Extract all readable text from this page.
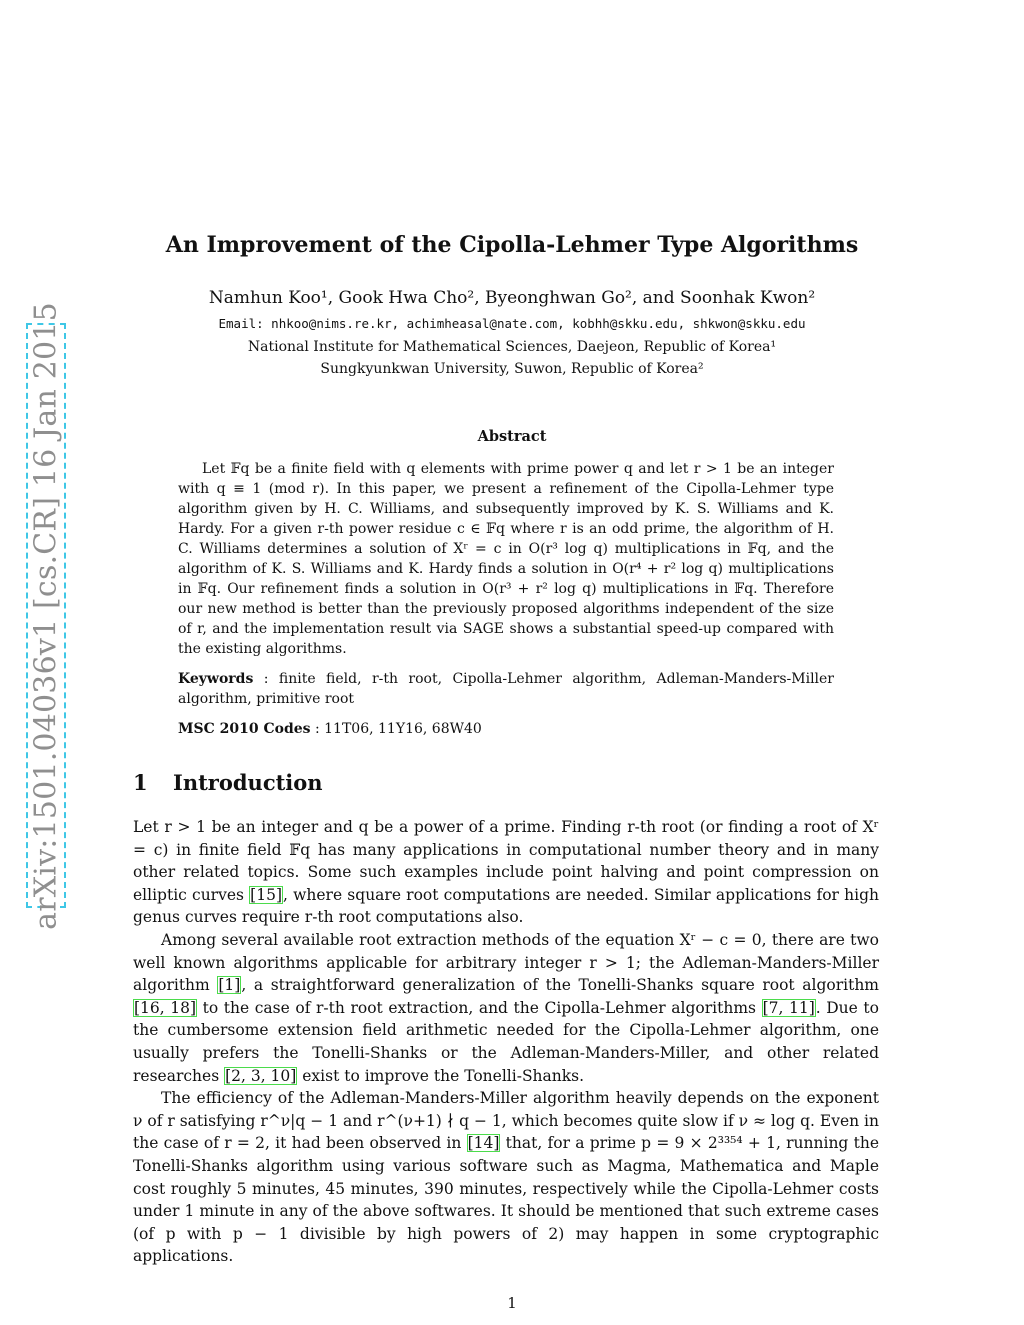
arXiv:1501.04036v1 [cs.CR] 16 Jan 2015
An Improvement of the Cipolla-Lehmer Type Algorithms
Namhun Koo¹, Gook Hwa Cho², Byeonghwan Go², and Soonhak Kwon²
Email: nhkoo@nims.re.kr, achimheasal@nate.com, kobhh@skku.edu, shkwon@skku.edu
National Institute for Mathematical Sciences, Daejeon, Republic of Korea¹
Sungkyunkwan University, Suwon, Republic of Korea²
Abstract
Let 𝔽q be a finite field with q elements with prime power q and let r > 1 be an integer with q ≡ 1 (mod r). In this paper, we present a refinement of the Cipolla-Lehmer type algorithm given by H. C. Williams, and subsequently improved by K. S. Williams and K. Hardy. For a given r-th power residue c ∈ 𝔽q where r is an odd prime, the algorithm of H. C. Williams determines a solution of Xʳ = c in O(r³ log q) multiplications in 𝔽q, and the algorithm of K. S. Williams and K. Hardy finds a solution in O(r⁴ + r² log q) multiplications in 𝔽q. Our refinement finds a solution in O(r³ + r² log q) multiplications in 𝔽q. Therefore our new method is better than the previously proposed algorithms independent of the size of r, and the implementation result via SAGE shows a substantial speed-up compared with the existing algorithms.
Keywords : finite field, r-th root, Cipolla-Lehmer algorithm, Adleman-Manders-Miller algorithm, primitive root
MSC 2010 Codes : 11T06, 11Y16, 68W40
1 Introduction

Let r > 1 be an integer and q be a power of a prime. Finding r-th root (or finding a root of Xʳ = c) in finite field 𝔽q has many applications in computational number theory and in many other related topics. Some such examples include point halving and point compression on elliptic curves [15], where square root computations are needed. Similar applications for high genus curves require r-th root computations also.

Among several available root extraction methods of the equation Xʳ − c = 0, there are two well known algorithms applicable for arbitrary integer r > 1; the Adleman-Manders-Miller algorithm [1], a straightforward generalization of the Tonelli-Shanks square root algorithm [16, 18] to the case of r-th root extraction, and the Cipolla-Lehmer algorithms [7, 11]. Due to the cumbersome extension field arithmetic needed for the Cipolla-Lehmer algorithm, one usually prefers the Tonelli-Shanks or the Adleman-Manders-Miller, and other related researches [2, 3, 10] exist to improve the Tonelli-Shanks.

The efficiency of the Adleman-Manders-Miller algorithm heavily depends on the exponent ν of r satisfying r^ν|q − 1 and r^(ν+1) ∤ q − 1, which becomes quite slow if ν ≈ log q. Even in the case of r = 2, it had been observed in [14] that, for a prime p = 9 × 2³³⁵⁴ + 1, running the Tonelli-Shanks algorithm using various software such as Magma, Mathematica and Maple cost roughly 5 minutes, 45 minutes, 390 minutes, respectively while the Cipolla-Lehmer costs under 1 minute in any of the above softwares. It should be mentioned that such extreme cases (of p with p − 1 divisible by high powers of 2) may happen in some cryptographic applications.

1
